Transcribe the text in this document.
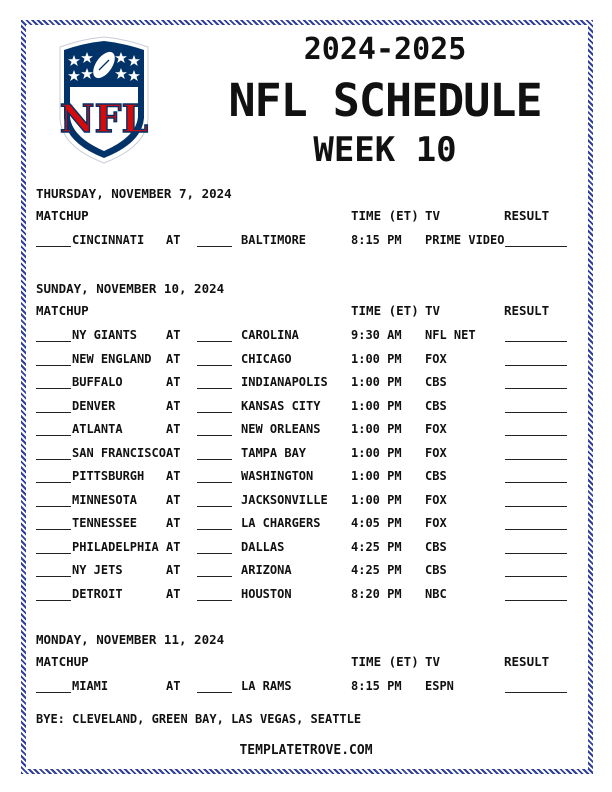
NFL
2024-2025
NFL SCHEDULE
WEEK 10
THURSDAY, NOVEMBER 7, 2024
MATCHUP	TIME (ET) TV	RESULT
CINCINNATI AT	BALTIMORE	8:15 PM PRIME VIDEO
SUNDAY, NOVEMBER 10, 2024
MATCHUP	TIME (ET) TV	RESULT
NY GIANTS AT	CAROLINA	9:30 AM NFL NET
NEW ENGLAND AT	CHICAGO	1:00 PM FOX
BUFFALO	AT	INDIANAPOLIS 1:00 PM CBS
DENVER	AT	KANSAS CITY	1:00 PM CBS
ATLANTA	AT	NEW ORLEANS	1:00 PM FOX
SAN FRANCISCO AT	TAMPA BAY	1:00 PM FOX
PITTSBURGH AT	WASHINGTON	1:00 PM CBS
MINNESOTA AT	JACKSONVILLE 1:00 PM FOX
TENNESSEE AT	LA CHARGERS	4:05 PM FOX
PHILADELPHIA AT	DALLAS	4:25 PM CBS
NY JETS	AT	ARIZONA	4:25 PM CBS
DETROIT	AT	HOUSTON	8:20 PM NBC
MONDAY, NOVEMBER 11, 2024
MATCHUP	TIME (ET) TV	RESULT
MIAMI	AT	LA RAMS	8:15 PM ESPN
BYE: CLEVELAND, GREEN BAY, LAS VEGAS, SEATTLE
TEMPLATETROVE.COM
